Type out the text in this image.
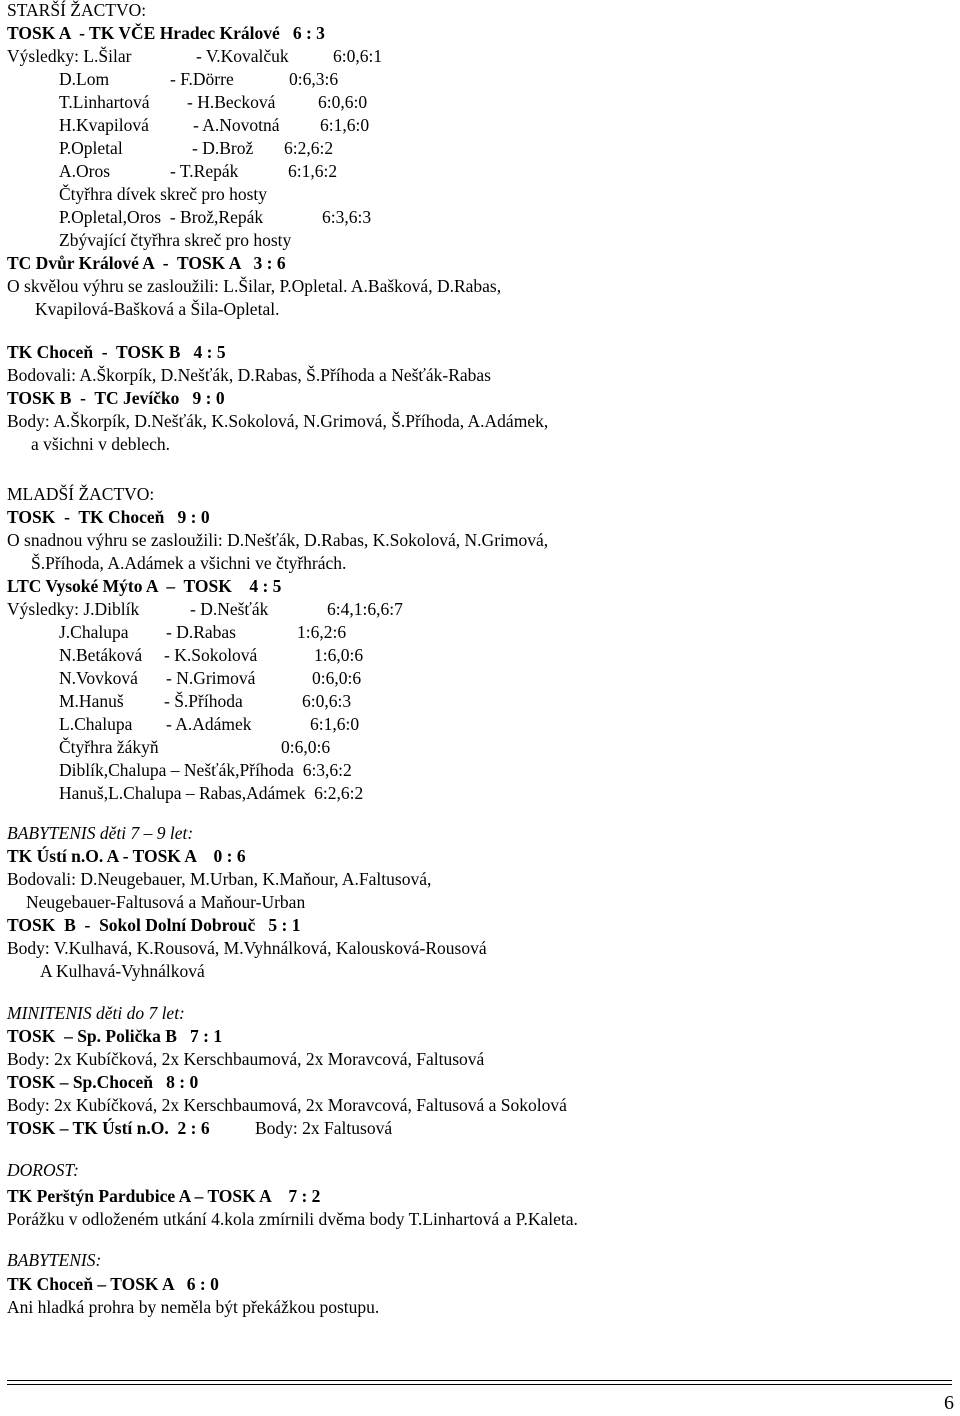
STARŠÍ ŽACTVO:
TOSK A  - TK VČE Hradec Králové   6 : 3
Výsledky: L.Šilar	- V.Kovalčuk	6:0,6:1
D.Lom	- F.Dörre	0:6,3:6
T.Linhartová - H.Becková 6:0,6:0
H.Kvapilová	- A.Novotná 6:1,6:0
P.Opletal	- D.Brož 6:2,6:2
A.Oros	- T.Repák	6:1,6:2
Čtyřhra dívek skreč pro hosty
P.Opletal,Oros  - Brož,Repák	6:3,6:3
Zbývající čtyřhra skreč pro hosty
TC Dvůr Králové A  -  TOSK A   3 : 6
O skvělou výhru se zasloužili: L.Šilar, P.Opletal. A.Bašková, D.Rabas,
Kvapilová-Bašková a Šila-Opletal.
TK Choceň  -  TOSK B   4 : 5
Bodovali: A.Škorpík, D.Nešťák, D.Rabas, Š.Příhoda a Nešťák-Rabas
TOSK B  -  TC Jevíčko   9 : 0
Body: A.Škorpík, D.Nešťák, K.Sokolová, N.Grimová, Š.Příhoda, A.Adámek,
a všichni v deblech.
MLADŠÍ ŽACTVO:
TOSK  -  TK Choceň   9 : 0
O snadnou výhru se zasloužili: D.Nešťák, D.Rabas, K.Sokolová, N.Grimová,
Š.Příhoda, A.Adámek a všichni ve čtyřhrách.
LTC Vysoké Mýto A  –  TOSK    4 : 5
Výsledky: J.Diblík	- D.Nešťák	6:4,1:6,6:7
J.Chalupa - D.Rabas	1:6,2:6
N.Betáková - K.Sokolová	1:6,0:6
N.Vovková - N.Grimová	0:6,0:6
M.Hanuš - Š.Příhoda	6:0,6:3
L.Chalupa - A.Adámek	6:1,6:0
Čtyřhra žákyň	0:6,0:6
Diblík,Chalupa – Nešťák,Příhoda  6:3,6:2
Hanuš,L.Chalupa – Rabas,Adámek  6:2,6:2
BABYTENIS děti 7 – 9 let:
TK Ústí n.O. A - TOSK A    0 : 6
Bodovali: D.Neugebauer, M.Urban, K.Maňour, A.Faltusová,
Neugebauer-Faltusová a Maňour-Urban
TOSK  B  -  Sokol Dolní Dobrouč   5 : 1
Body: V.Kulhavá, K.Rousová, M.Vyhnálková, Kalousková-Rousová
A Kulhavá-Vyhnálková
MINITENIS děti do 7 let:
TOSK  – Sp. Polička B   7 : 1
Body: 2x Kubíčková, 2x Kerschbaumová, 2x Moravcová, Faltusová
TOSK – Sp.Choceň   8 : 0
Body: 2x Kubíčková, 2x Kerschbaumová, 2x Moravcová, Faltusová a Sokolová
TOSK – TK Ústí n.O.  2 : 6	Body: 2x Faltusová
DOROST:
TK Perštýn Pardubice A – TOSK A    7 : 2
Porážku v odloženém utkání 4.kola zmírnili dvěma body T.Linhartová a P.Kaleta.
BABYTENIS:
TK Choceň – TOSK A   6 : 0
Ani hladká prohra by neměla být překážkou postupu.
6
